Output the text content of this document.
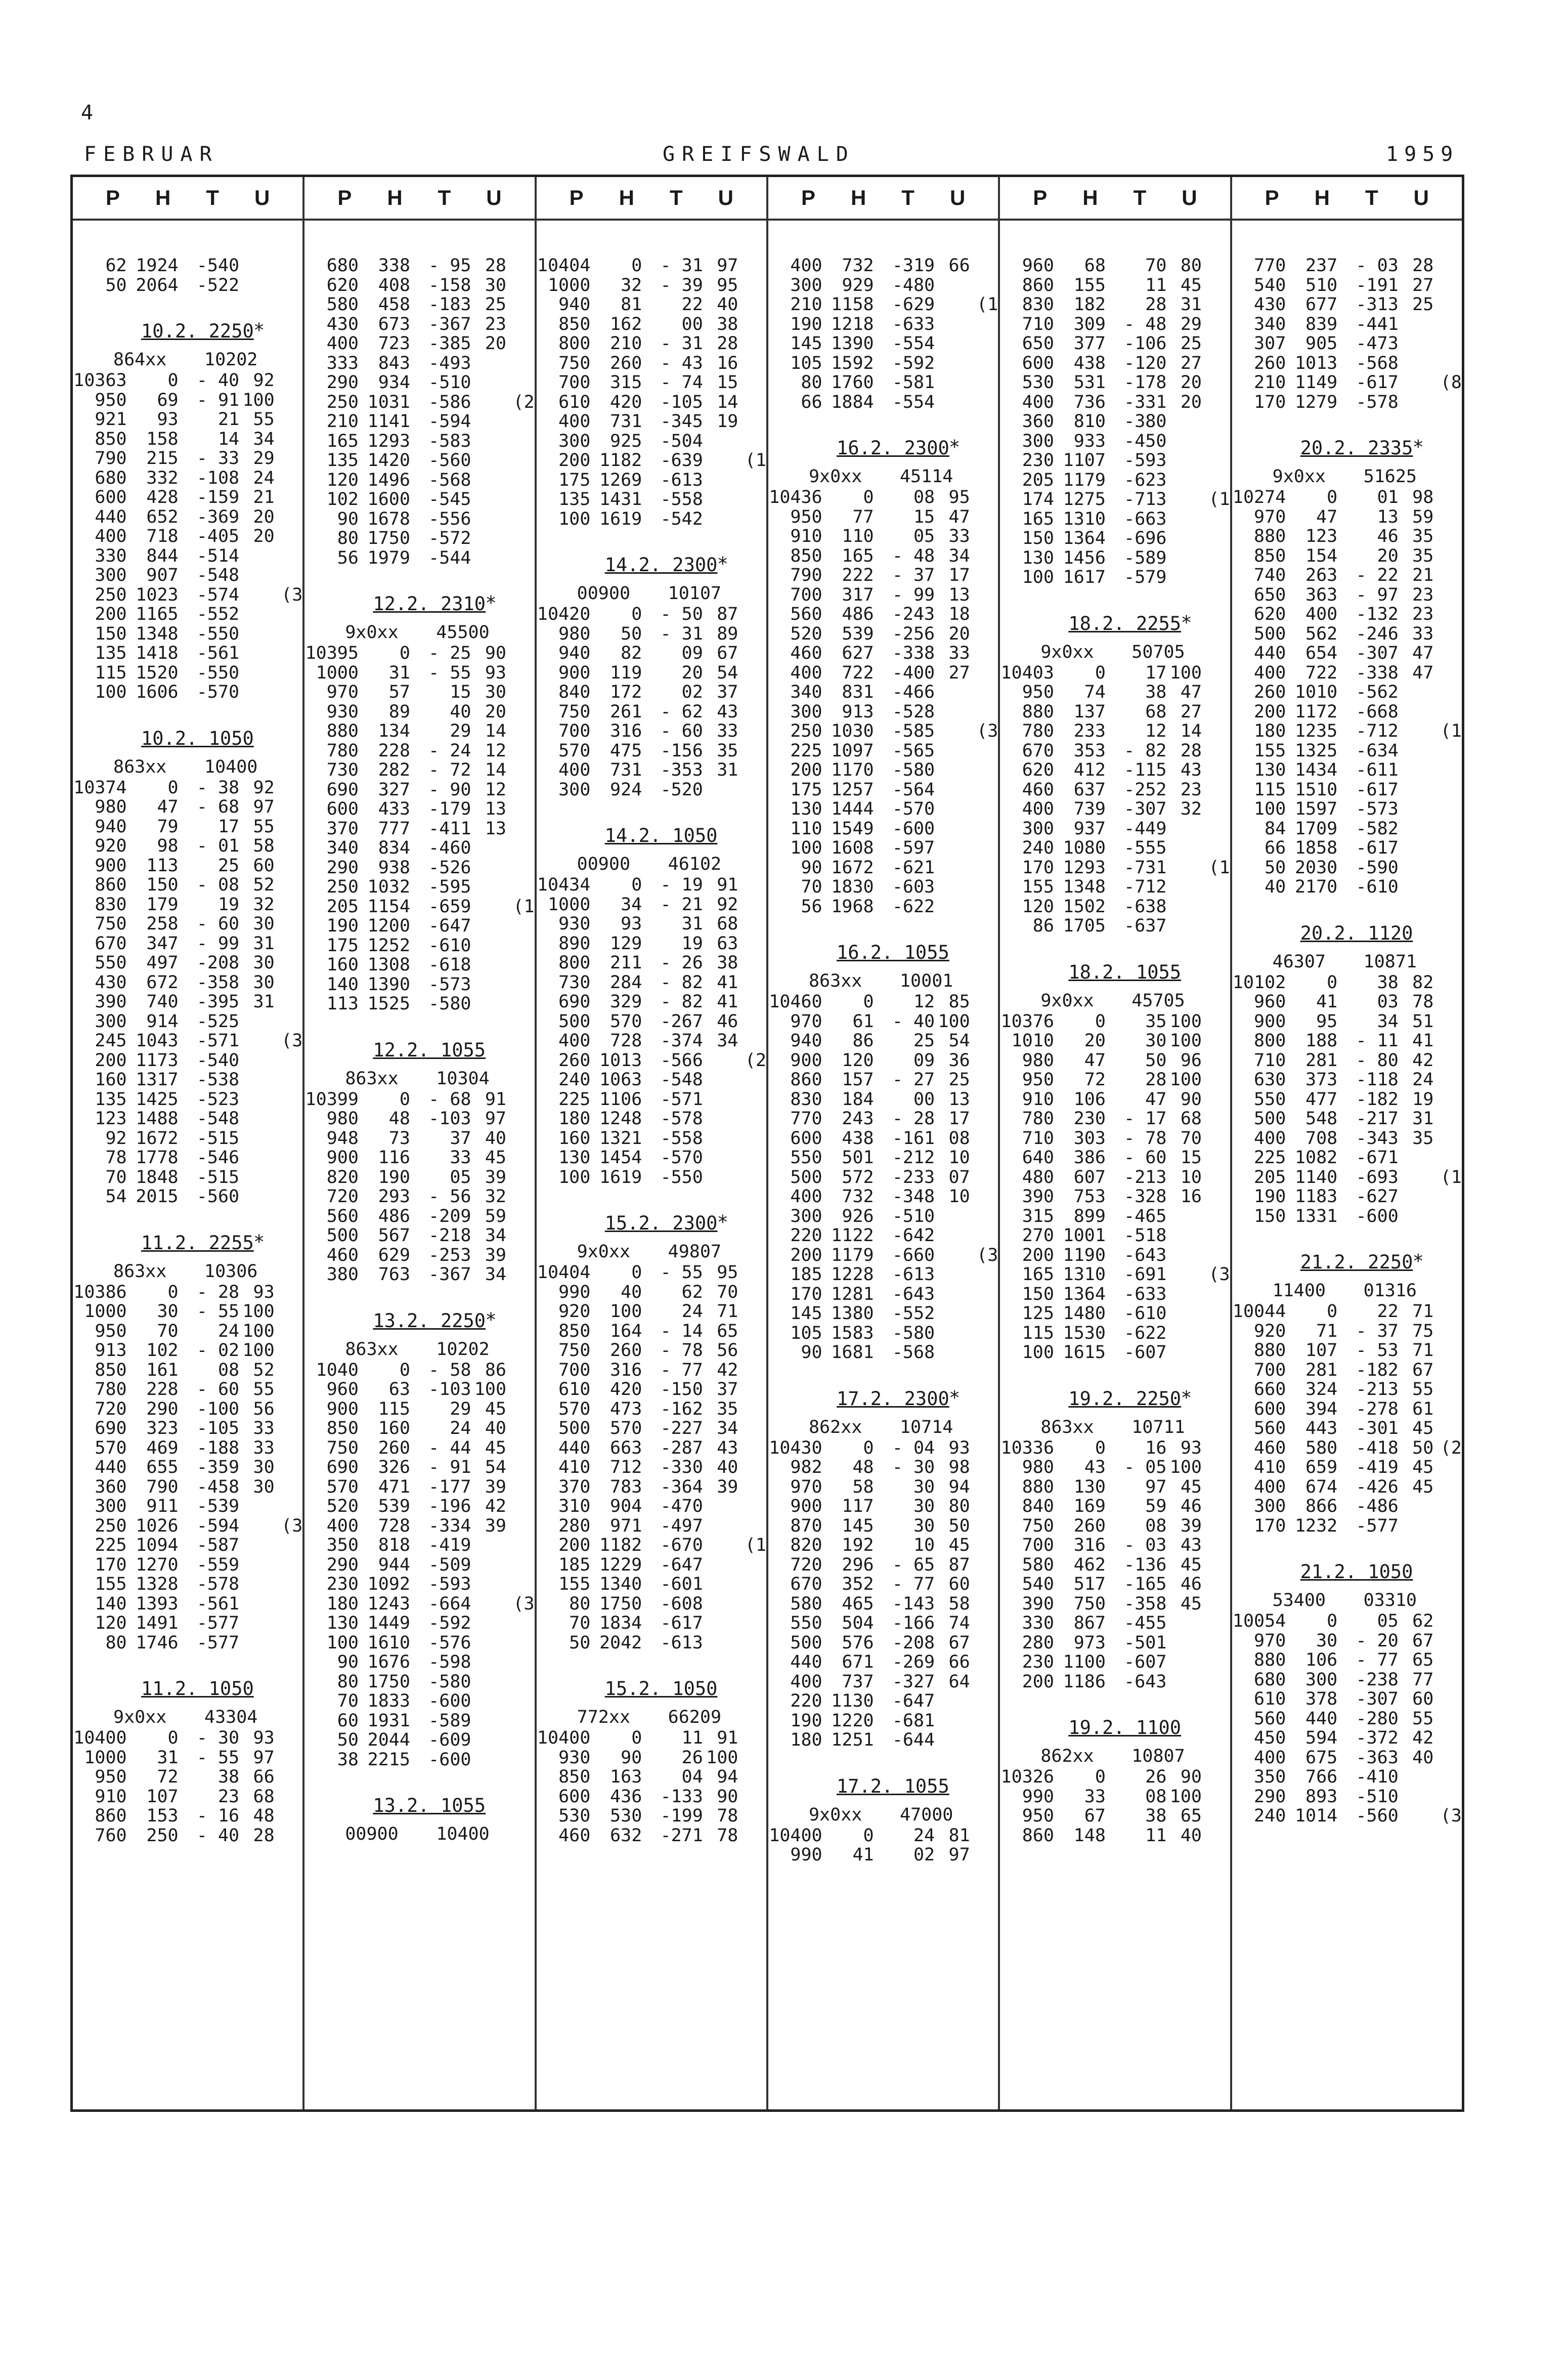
4
FEBRUAR	GREIFSWALD	1959
P H T U
62 1924	-540
50 2064	-522
10.2. 2250 *
864xx 10202
10363	0	- 40 92
950	69	- 91 100
921	93	21 55
850	158	14 34
790	215	- 33 29
680	332	-108 24
600	428	-159 21
440	652	-369 20
400	718	-405 20
330	844	-514
300	907	-548
250 1023	-574	(3
200 1165	-552
150 1348	-550
135 1418	-561
115 1520	-550
100 1606	-570
10.2. 1050
863xx 10400
10374	0	- 38 92
980	47	- 68 97
940	79	17 55
920	98	- 01 58
900	113	25 60
860	150	- 08 52
830	179	19 32
750	258	- 60 30
670	347	- 99 31
550	497	-208 30
430	672	-358 30
390	740	-395 31
300	914	-525
245 1043	-571	(3
200 1173	-540
160 1317	-538
135 1425	-523
123 1488	-548
92 1672	-515
78 1778	-546
70 1848	-515
54 2015	-560
11.2. 2255 *
863xx 10306
10386	0	- 28 93
1000	30	- 55 100
950	70	24 100
913	102	- 02 100
850	161	08 52
780	228	- 60 55
720	290	-100 56
690	323	-105 33
570	469	-188 33
440	655	-359 30
360	790	-458 30
300	911	-539
250 1026	-594	(3
225 1094	-587
170 1270	-559
155 1328	-578
140 1393	-561
120 1491	-577
80 1746	-577
11.2. 1050
9x0xx 43304
10400	0	- 30 93
1000	31	- 55 97
950	72	38 66
910	107	23 68
860	153	- 16 48
760	250	- 40 28
P H T U
680	338	- 95 28
620	408	-158 30
580	458	-183 25
430	673	-367 23
400	723	-385 20
333	843	-493
290	934	-510
250 1031	-586	(2
210 1141	-594
165 1293	-583
135 1420	-560
120 1496	-568
102 1600	-545
90 1678	-556
80 1750	-572
56 1979	-544
12.2. 2310 *
9x0xx 45500
10395	0	- 25 90
1000	31	- 55 93
970	57	15 30
930	89	40 20
880	134	29 14
780	228	- 24 12
730	282	- 72 14
690	327	- 90 12
600	433	-179 13
370	777	-411 13
340	834	-460
290	938	-526
250 1032	-595
205 1154	-659	(1
190 1200	-647
175 1252	-610
160 1308	-618
140 1390	-573
113 1525	-580
12.2. 1055
863xx 10304
10399	0	- 68 91
980	48	-103 97
948	73	37 40
900	116	33 45
820	190	05 39
720	293	- 56 32
560	486	-209 59
500	567	-218 34
460	629	-253 39
380	763	-367 34
13.2. 2250 *
863xx 10202
1040	0	- 58 86
960	63	-103 100
900	115	29 45
850	160	24 40
750	260	- 44 45
690	326	- 91 54
570	471	-177 39
520	539	-196 42
400	728	-334 39
350	818	-419
290	944	-509
230 1092	-593
180 1243	-664	(3
130 1449	-592
100 1610	-576
90 1676	-598
80 1750	-580
70 1833	-600
60 1931	-589
50 2044	-609
38 2215	-600
13.2. 1055
00900 10400
P H T U
10404	0	- 31 97
1000	32	- 39 95
940	81	22 40
850	162	00 38
800	210	- 31 28
750	260	- 43 16
700	315	- 74 15
610	420	-105 14
400	731	-345 19
300	925	-504
200 1182	-639	(1
175 1269	-613
135 1431	-558
100 1619	-542
14.2. 2300 *
00900 10107
10420	0	- 50 87
980	50	- 31 89
940	82	09 67
900	119	20 54
840	172	02 37
750	261	- 62 43
700	316	- 60 33
570	475	-156 35
400	731	-353 31
300	924	-520
14.2. 1050
00900 46102
10434	0	- 19 91
1000	34	- 21 92
930	93	31 68
890	129	19 63
800	211	- 26 38
730	284	- 82 41
690	329	- 82 41
500	570	-267 46
400	728	-374 34
260 1013	-566	(2
240 1063	-548
225 1106	-571
180 1248	-578
160 1321	-558
130 1454	-570
100 1619	-550
15.2. 2300 *
9x0xx 49807
10404	0	- 55 95
990	40	62 70
920	100	24 71
850	164	- 14 65
750	260	- 78 56
700	316	- 77 42
610	420	-150 37
570	473	-162 35
500	570	-227 34
440	663	-287 43
410	712	-330 40
370	783	-364 39
310	904	-470
280	971	-497
200 1182	-670	(1
185 1229	-647
155 1340	-601
80 1750	-608
70 1834	-617
50 2042	-613
15.2. 1050
772xx 66209
10400	0	11 91
930	90	26 100
850	163	04 94
600	436	-133 90
530	530	-199 78
460	632	-271 78
P H T U
400	732	-319 66
300	929	-480
210 1158	-629	(1
190 1218	-633
145 1390	-554
105 1592	-592
80 1760	-581
66 1884	-554
16.2. 2300 *
9x0xx 45114
10436	0	08 95
950	77	15 47
910	110	05 33
850	165	- 48 34
790	222	- 37 17
700	317	- 99 13
560	486	-243 18
520	539	-256 20
460	627	-338 33
400	722	-400 27
340	831	-466
300	913	-528
250 1030	-585	(3
225 1097	-565
200 1170	-580
175 1257	-564
130 1444	-570
110 1549	-600
100 1608	-597
90 1672	-621
70 1830	-603
56 1968	-622
16.2. 1055
863xx 10001
10460	0	12 85
970	61	- 40 100
940	86	25 54
900	120	09 36
860	157	- 27 25
830	184	00 13
770	243	- 28 17
600	438	-161 08
550	501	-212 10
500	572	-233 07
400	732	-348 10
300	926	-510
220 1122	-642
200 1179	-660	(3
185 1228	-613
170 1281	-643
145 1380	-552
105 1583	-580
90 1681	-568
17.2. 2300 *
862xx 10714
10430	0	- 04 93
982	48	- 30 98
970	58	30 94
900	117	30 80
870	145	30 50
820	192	10 45
720	296	- 65 87
670	352	- 77 60
580	465	-143 58
550	504	-166 74
500	576	-208 67
440	671	-269 66
400	737	-327 64
220 1130	-647
190 1220	-681
180 1251	-644
17.2. 1055
9x0xx 47000
10400	0	24 81
990	41	02 97
P H T U
960	68	70 80
860	155	11 45
830	182	28 31
710	309	- 48 29
650	377	-106 25
600	438	-120 27
530	531	-178 20
400	736	-331 20
360	810	-380
300	933	-450
230 1107	-593
205 1179	-623
174 1275	-713	(1
165 1310	-663
150 1364	-696
130 1456	-589
100 1617	-579
18.2. 2255 *
9x0xx 50705
10403	0	17 100
950	74	38 47
880	137	68 27
780	233	12 14
670	353	- 82 28
620	412	-115 43
460	637	-252 23
400	739	-307 32
300	937	-449
240 1080	-555
170 1293	-731	(1
155 1348	-712
120 1502	-638
86 1705	-637
18.2. 1055
9x0xx 45705
10376	0	35 100
1010	20	30 100
980	47	50 96
950	72	28 100
910	106	47 90
780	230	- 17 68
710	303	- 78 70
640	386	- 60 15
480	607	-213 10
390	753	-328 16
315	899	-465
270 1001	-518
200 1190	-643
165 1310	-691	(3
150 1364	-633
125 1480	-610
115 1530	-622
100 1615	-607
19.2. 2250 *
863xx 10711
10336	0	16 93
980	43	- 05 100
880	130	97 45
840	169	59 46
750	260	08 39
700	316	- 03 43
580	462	-136 45
540	517	-165 46
390	750	-358 45
330	867	-455
280	973	-501
230 1100	-607
200 1186	-643
19.2. 1100
862xx 10807
10326	0	26 90
990	33	08 100
950	67	38 65
860	148	11 40
P H T U
770	237	- 03 28
540	510	-191 27
430	677	-313 25
340	839	-441
307	905	-473
260 1013	-568
210 1149	-617	(8
170 1279	-578
20.2. 2335 *
9x0xx 51625
10274	0	01 98
970	47	13 59
880	123	46 35
850	154	20 35
740	263	- 22 21
650	363	- 97 23
620	400	-132 23
500	562	-246 33
440	654	-307 47
400	722	-338 47
260 1010	-562
200 1172	-668
180 1235	-712	(1
155 1325	-634
130 1434	-611
115 1510	-617
100 1597	-573
84 1709	-582
66 1858	-617
50 2030	-590
40 2170	-610
20.2. 1120
46307 10871
10102	0	38 82
960	41	03 78
900	95	34 51
800	188	- 11 41
710	281	- 80 42
630	373	-118 24
550	477	-182 19
500	548	-217 31
400	708	-343 35
225 1082	-671
205 1140	-693	(1
190 1183	-627
150 1331	-600
21.2. 2250 *
11400 01316
10044	0	22 71
920	71	- 37 75
880	107	- 53 71
700	281	-182 67
660	324	-213 55
600	394	-278 61
560	443	-301 45
460	580	-418 50 (2
410	659	-419 45
400	674	-426 45
300	866	-486
170 1232	-577
21.2. 1050
53400 03310
10054	0	05 62
970	30	- 20 67
880	106	- 77 65
680	300	-238 77
610	378	-307 60
560	440	-280 55
450	594	-372 42
400	675	-363 40
350	766	-410
290	893	-510
240 1014	-560	(3
